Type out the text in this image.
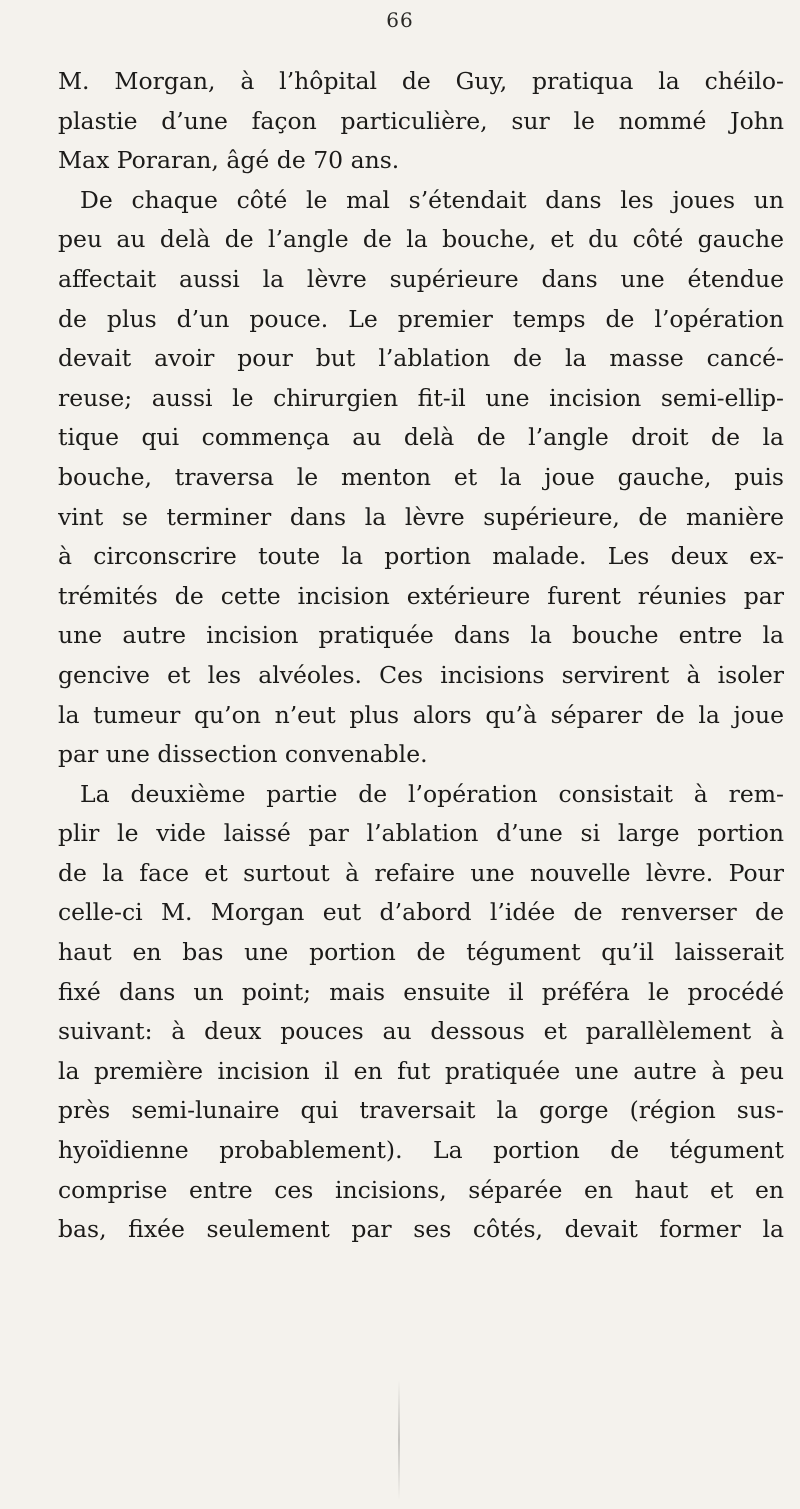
66
M. Morgan, à l’hôpital de Guy, pratiqua la chéilo-
plastie d’une façon particulière, sur le nommé John
Max Poraran, âgé de 70 ans.
De chaque côté le mal s’étendait dans les joues un
peu au delà de l’angle de la bouche, et du côté gauche
affectait aussi la lèvre supérieure dans une étendue
de plus d’un pouce. Le premier temps de l’opération
devait avoir pour but l’ablation de la masse cancé-
reuse; aussi le chirurgien fit-il une incision semi-ellip-
tique qui commença au delà de l’angle droit de la
bouche, traversa le menton et la joue gauche, puis
vint se terminer dans la lèvre supérieure, de manière
à circonscrire toute la portion malade. Les deux ex-
trémités de cette incision extérieure furent réunies par
une autre incision pratiquée dans la bouche entre la
gencive et les alvéoles. Ces incisions servirent à isoler
la tumeur qu’on n’eut plus alors qu’à séparer de la joue
par une dissection convenable.
La deuxième partie de l’opération consistait à rem-
plir le vide laissé par l’ablation d’une si large portion
de la face et surtout à refaire une nouvelle lèvre. Pour
celle-ci M. Morgan eut d’abord l’idée de renverser de
haut en bas une portion de tégument qu’il laisserait
fixé dans un point; mais ensuite il préféra le procédé
suivant: à deux pouces au dessous et parallèlement à
la première incision il en fut pratiquée une autre à peu
près semi-lunaire qui traversait la gorge (région sus-
hyoïdienne probablement). La portion de tégument
comprise entre ces incisions, séparée en haut et en
bas, fixée seulement par ses côtés, devait former la
